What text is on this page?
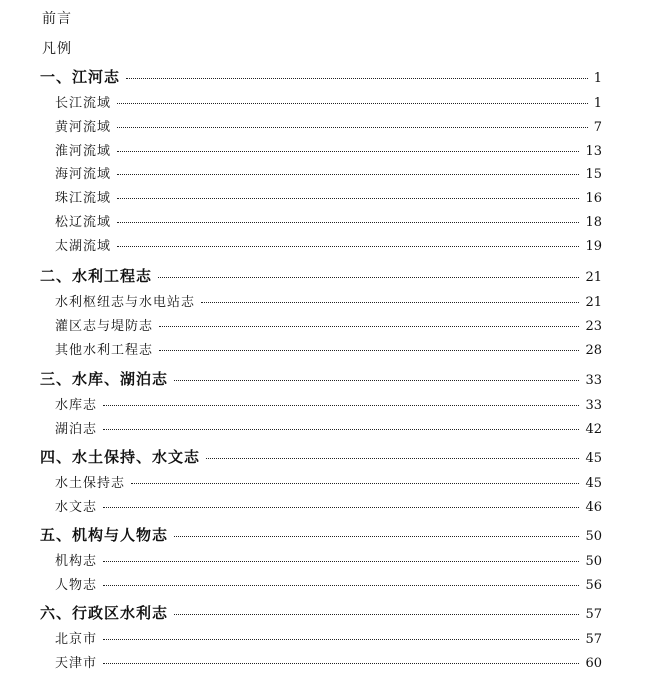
前言
凡例
一、江河志	1
长江流域	1
黄河流域	7
淮河流域	13
海河流域	15
珠江流域	16
松辽流域	18
太湖流域	19
二、水利工程志	21
水利枢纽志与水电站志	21
灌区志与堤防志	23
其他水利工程志	28
三、水库、湖泊志	33
水库志	33
湖泊志	42
四、水土保持、水文志	45
水土保持志	45
水文志	46
五、机构与人物志	50
机构志	50
人物志	56
六、行政区水利志	57
北京市	57
天津市	60
